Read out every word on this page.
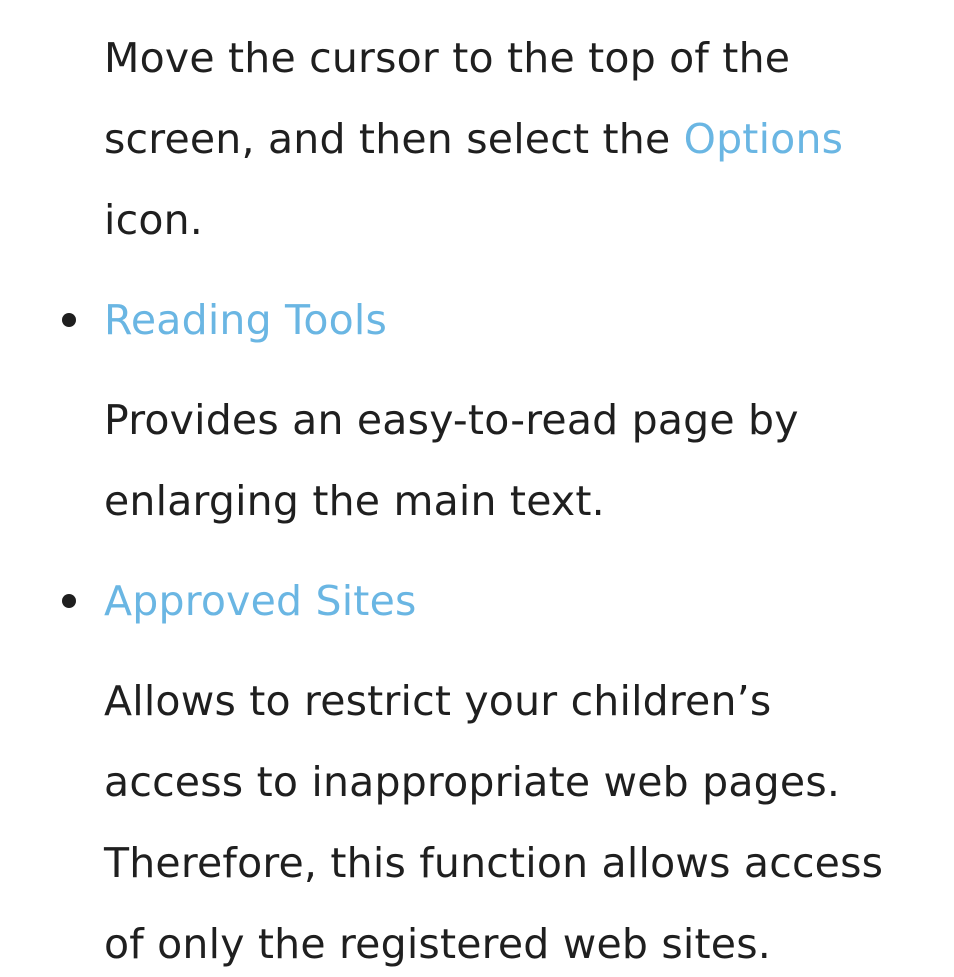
Move the cursor to the top of the
screen, and then select the Options
icon.
Reading Tools
Provides an easy-to-read page by
enlarging the main text.
Approved Sites
Allows to restrict your children’s
access to inappropriate web pages.
Therefore, this function allows access
of only the registered web sites.
